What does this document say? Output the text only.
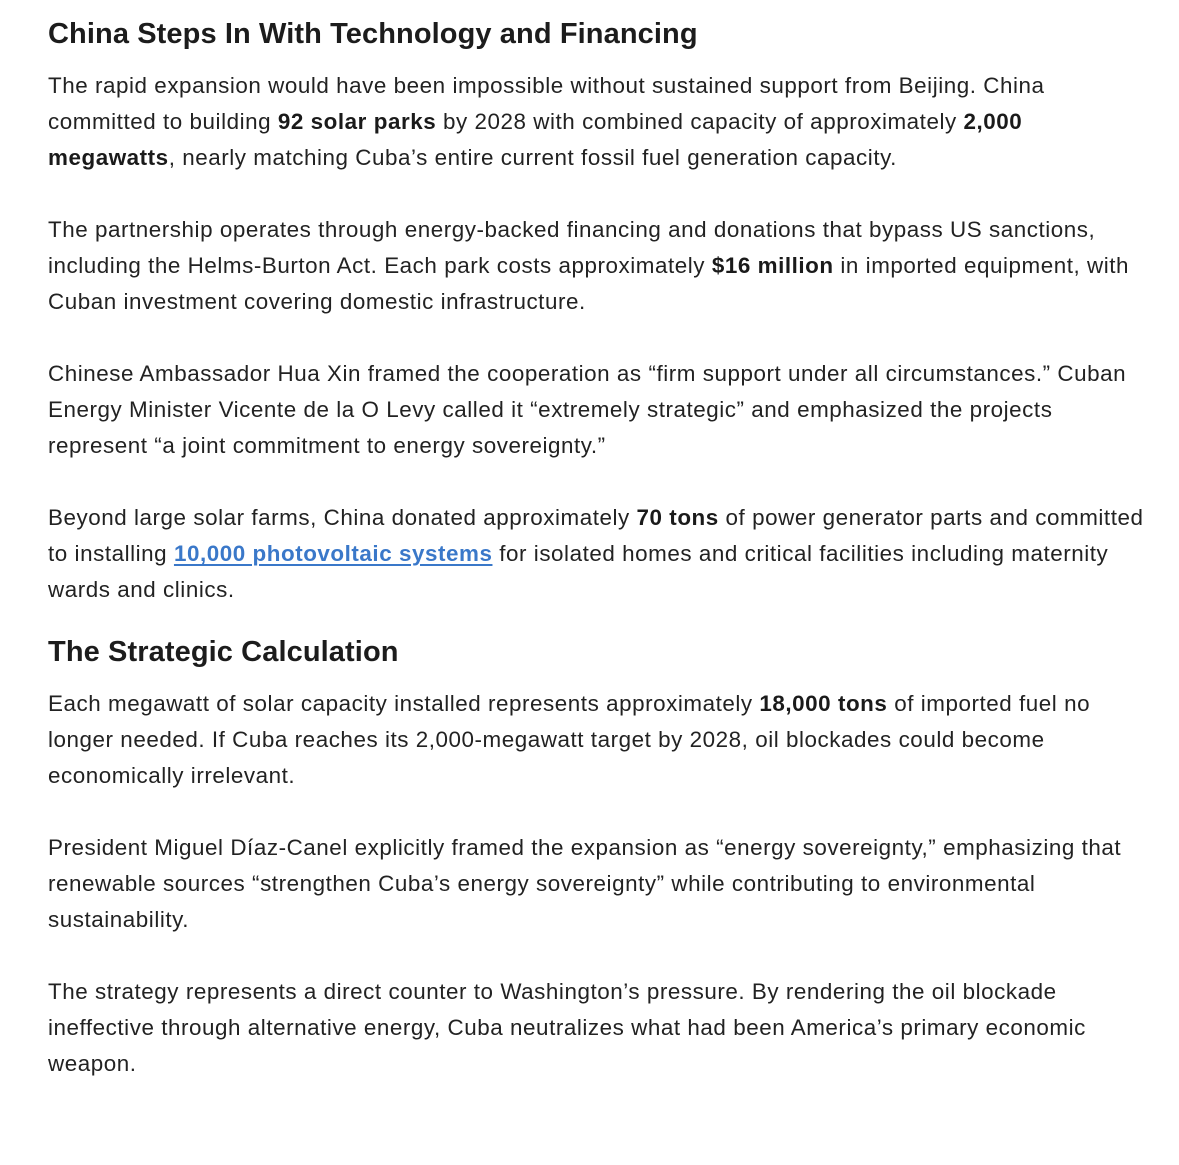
China Steps In With Technology and Financing

The rapid expansion would have been impossible without sustained support from Beijing. China committed to building 92 solar parks by 2028 with combined capacity of approximately 2,000 megawatts, nearly matching Cuba’s entire current fossil fuel generation capacity.

The partnership operates through energy-backed financing and donations that bypass US sanctions, including the Helms-Burton Act. Each park costs approximately $16 million in imported equipment, with Cuban investment covering domestic infrastructure.

Chinese Ambassador Hua Xin framed the cooperation as “firm support under all circumstances.” Cuban Energy Minister Vicente de la O Levy called it “extremely strategic” and emphasized the projects represent “a joint commitment to energy sovereignty.”

Beyond large solar farms, China donated approximately 70 tons of power generator parts and committed to installing 10,000 photovoltaic systems for isolated homes and critical facilities including maternity wards and clinics.

The Strategic Calculation

Each megawatt of solar capacity installed represents approximately 18,000 tons of imported fuel no longer needed. If Cuba reaches its 2,000-megawatt target by 2028, oil blockades could become economically irrelevant.

President Miguel Díaz-Canel explicitly framed the expansion as “energy sovereignty,” emphasizing that renewable sources “strengthen Cuba’s energy sovereignty” while contributing to environmental sustainability.

The strategy represents a direct counter to Washington’s pressure. By rendering the oil blockade ineffective through alternative energy, Cuba neutralizes what had been America’s primary economic weapon.
